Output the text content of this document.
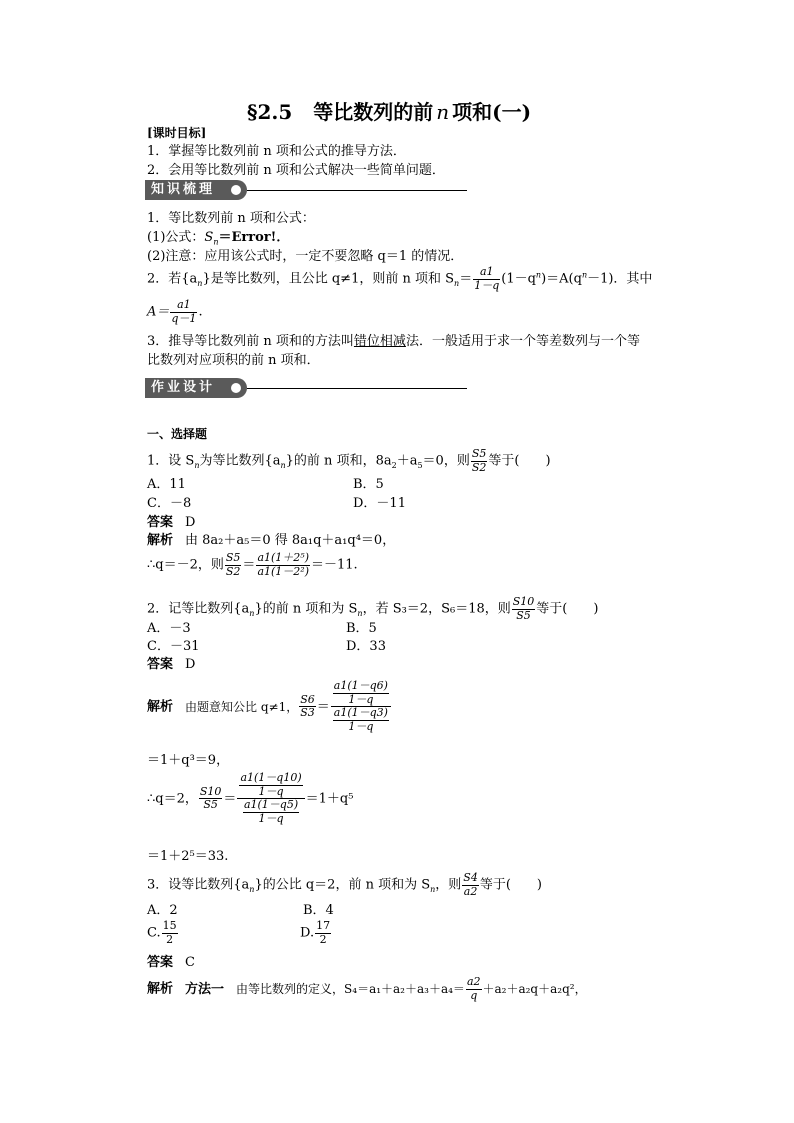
§2.5 等比数列的前 n 项和(一)
[课时目标]
1．掌握等比数列前 n 项和公式的推导方法．
2．会用等比数列前 n 项和公式解决一些简单问题．
知识梳理
1．等比数列前 n 项和公式：
(1)公式：$S_n=Error$!．
(2)注意：应用该公式时，一定不要忽略 q＝1 的情况．
2．若$\{a_n\}$是等比数列，且公比 q≠1，则前 n 项和 $S_n= \frac{a1}{1-q} (1-q^n)=A(q^n-1)$．其中
$A= \frac{a1}{q-1}$ .
3．推导等比数列前 n 项和的方法叫错位相减法．一般适用于求一个等差数列与一个等
比数列对应项积的前 n 项和．
作业设计
一、选择题
1．设 $S_n$为等比数列$\{a_n\}$的前 n 项和，$8a_2+a_5=0$，则 $\frac{S5}{S2}$ 等于(　　)
A．11	B．5
C．－8	D．－11
答案 D
解析 由 8a₂＋a₅＝0 得 8a₁q＋a₁q⁴＝0，
∴q＝－2，则 $\frac{S5}{S2} = \frac{\text{a1(1＋2⁵)}}{\text{a1(1－2²)}} =-11$.
2．记等比数列$\{a_n\}$的前 n 项和为 $S_n$，若 S₃＝2，S₆＝18，则 $\frac{S10}{S5}$ 等于(　　)
A．－3	B．5
C．－31	D．33
答案 D
解析 由题意知公比 q≠1， $\frac{S6}{S3} = \frac{\frac{a1(1-q6)}{1-q}}{\frac{a1(1-q3)}{1-q}}$
＝1＋q³＝9，
∴q＝2， $\frac{S10}{S5} = \frac{\frac{a1(1-q10)}{1-q}}{\frac{a1(1-q5)}{1-q}} =1+q^5$
＝1＋2⁵＝33.
3．设等比数列$\{a_n\}$的公比 q＝2，前 n 项和为 $S_n$，则 $\frac{S4}{a2}$ 等于(　　)
A．2	B．4
C. $\frac{15}{2}$	D. $\frac{17}{2}$
答案 C
解析 方法一 由等比数列的定义，$S_4=a_1+a_2+a_3+a_4= \frac{a2}{q} +a_2+a_2q+a_2q^2$，
